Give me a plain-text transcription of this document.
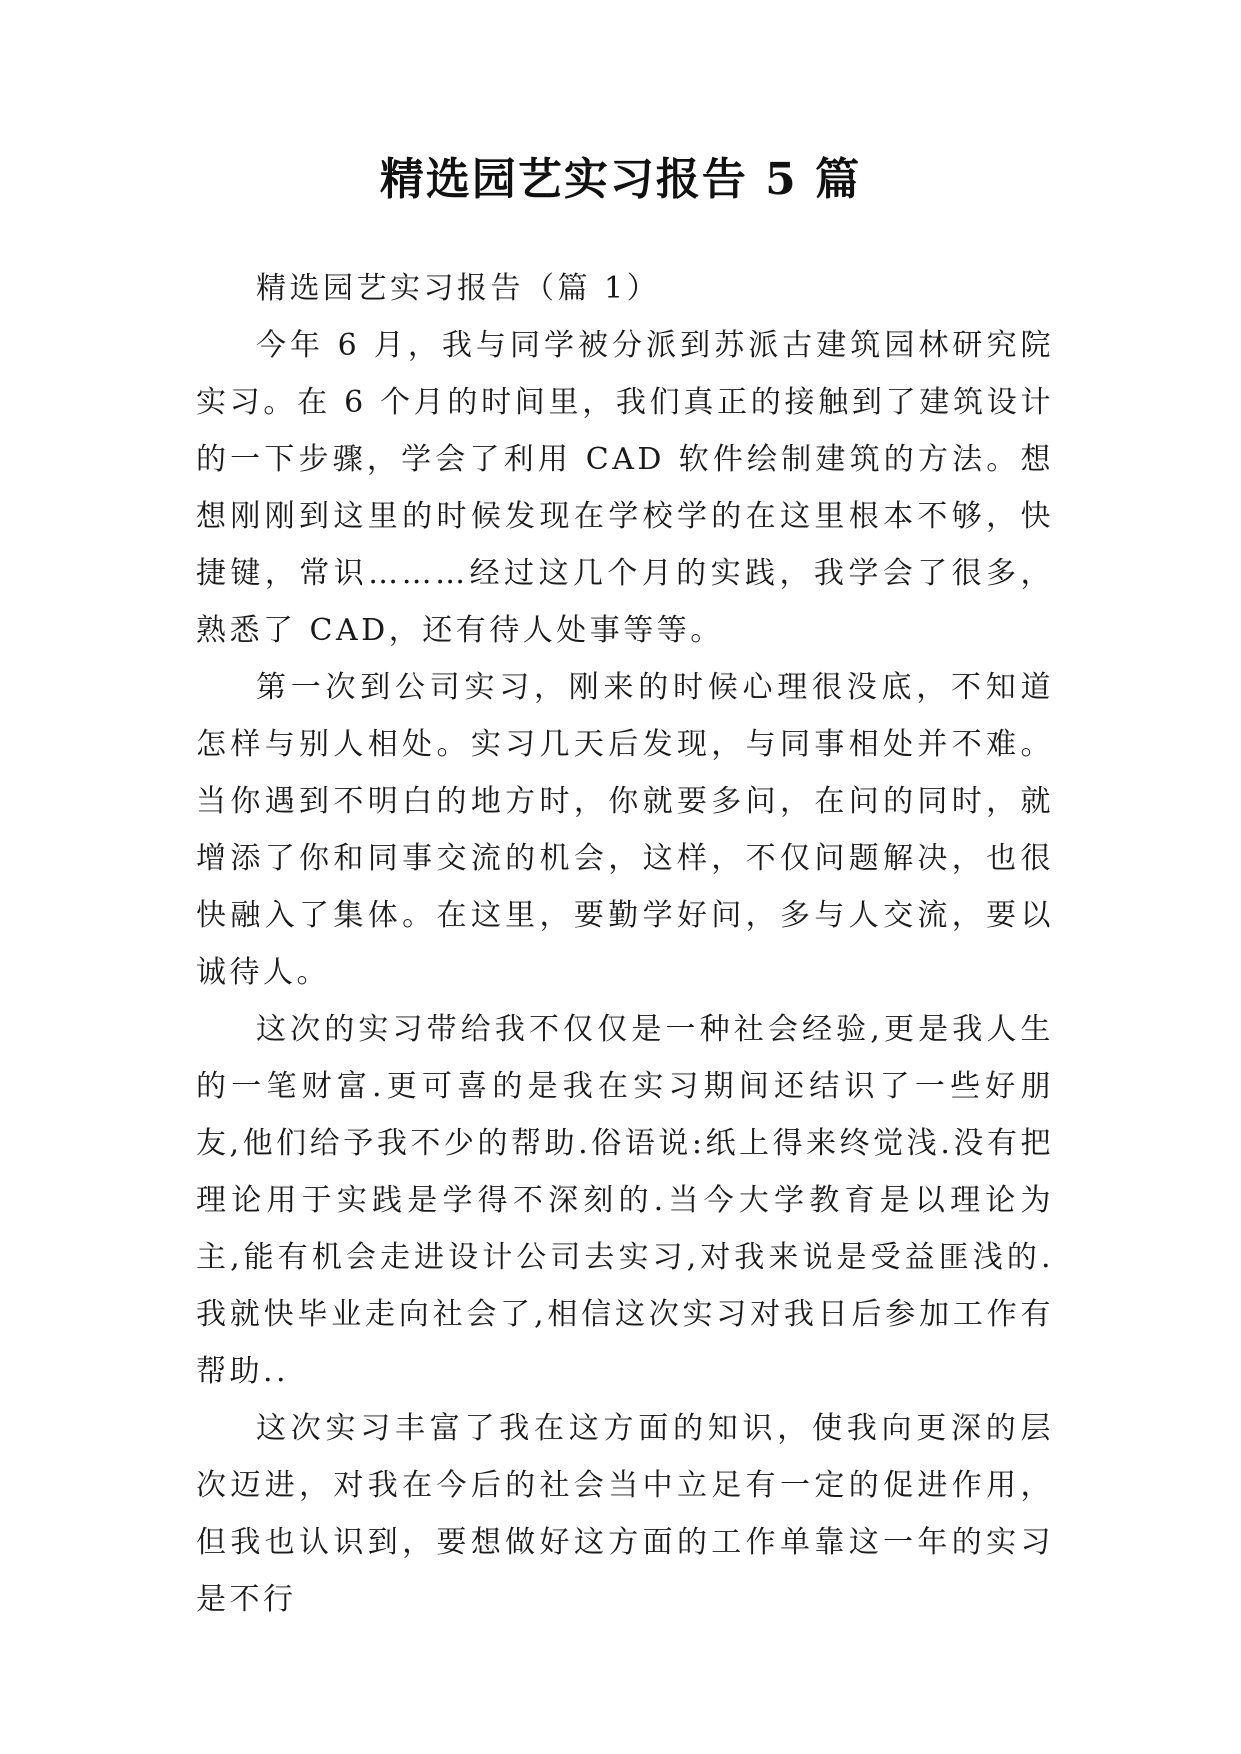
精选园艺实习报告 5 篇

精选园艺实习报告（篇 1）

今年 6 月，我与同学被分派到苏派古建筑园林研究院实习。在 6 个月的时间里，我们真正的接触到了建筑设计的一下步骤，学会了利用 CAD 软件绘制建筑的方法。想想刚刚到这里的时候发现在学校学的在这里根本不够，快捷键，常识………经过这几个月的实践，我学会了很多，熟悉了 CAD，还有待人处事等等。

第一次到公司实习，刚来的时候心理很没底，不知道怎样与别人相处。实习几天后发现，与同事相处并不难。当你遇到不明白的地方时，你就要多问，在问的同时，就增添了你和同事交流的机会，这样，不仅问题解决，也很快融入了集体。在这里，要勤学好问，多与人交流，要以诚待人。

这次的实习带给我不仅仅是一种社会经验,更是我人生的一笔财富.更可喜的是我在实习期间还结识了一些好朋友,他们给予我不少的帮助.俗语说:纸上得来终觉浅.没有把理论用于实践是学得不深刻的.当今大学教育是以理论为主,能有机会走进设计公司去实习,对我来说是受益匪浅的.我就快毕业走向社会了,相信这次实习对我日后参加工作有帮助..

这次实习丰富了我在这方面的知识，使我向更深的层次迈进，对我在今后的社会当中立足有一定的促进作用，但我也认识到，要想做好这方面的工作单靠这一年的实习是不行
